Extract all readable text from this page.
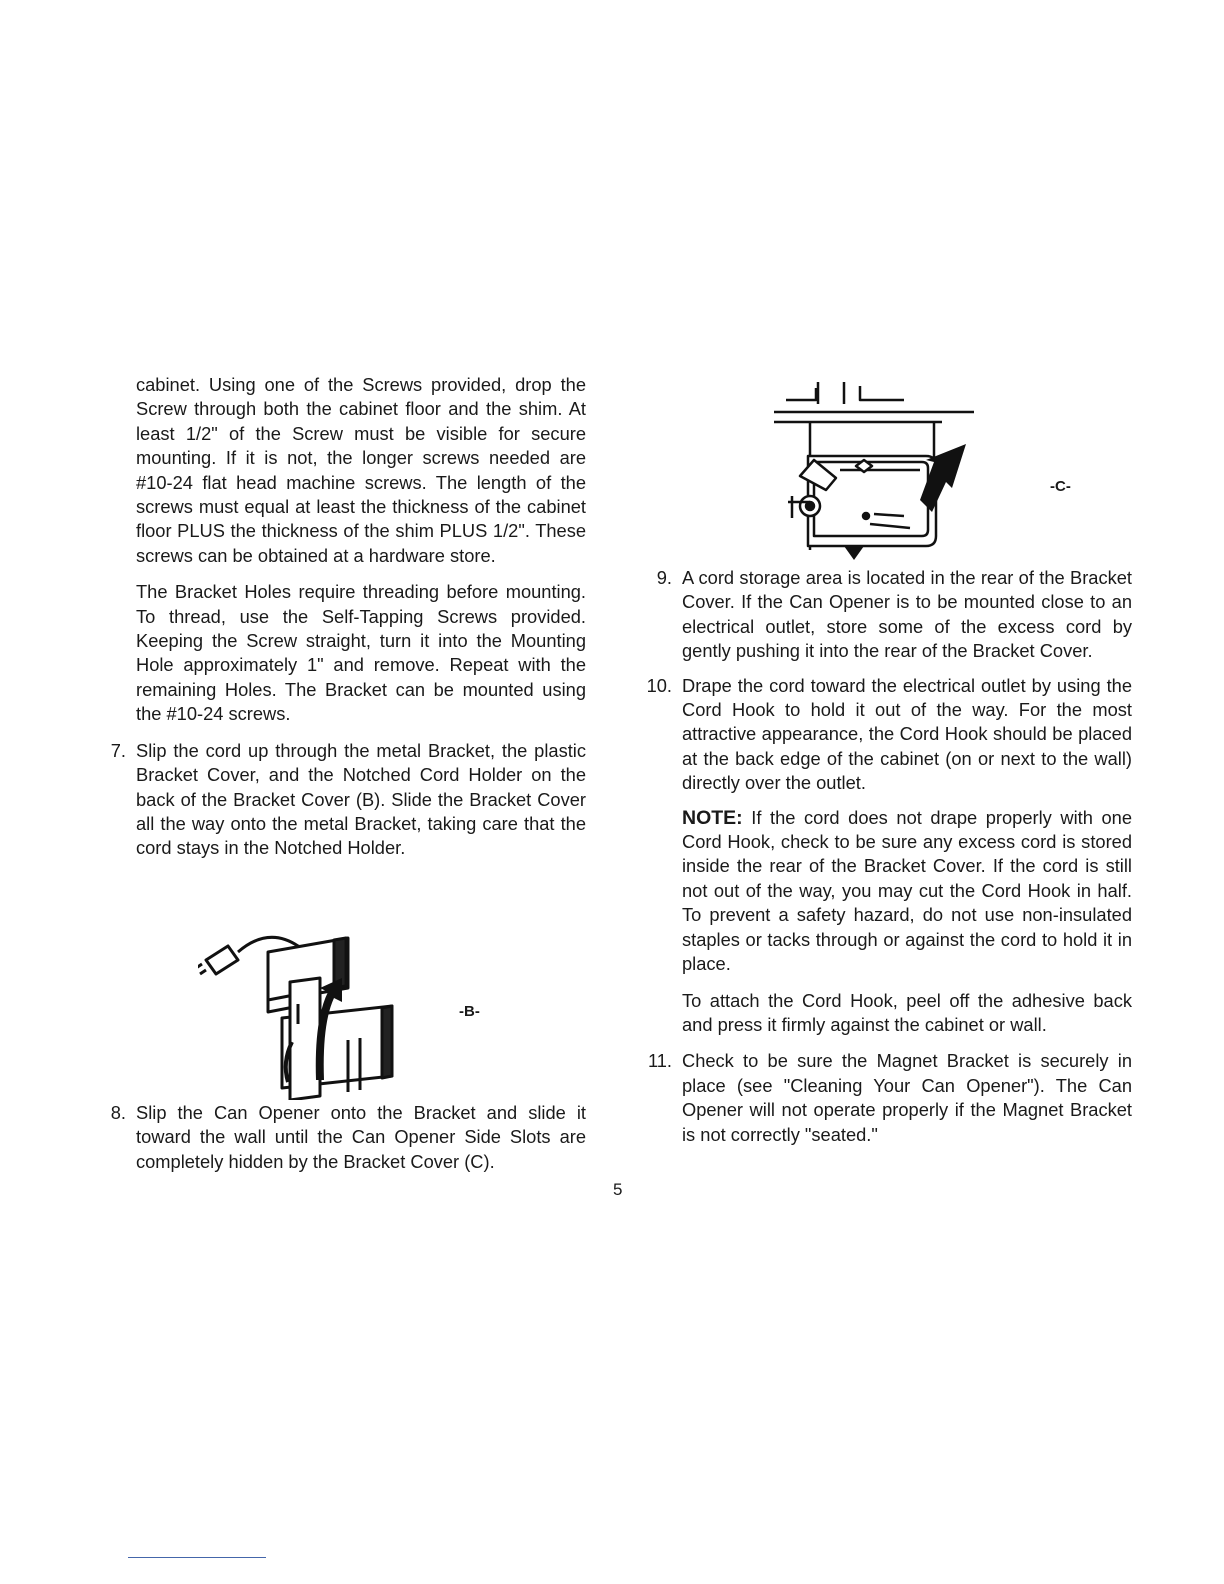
cabinet. Using one of the Screws provided, drop the Screw through both the cabinet floor and the shim. At least 1/2" of the Screw must be visible for secure mounting. If it is not, the longer screws needed are #10-24 flat head machine screws. The length of the screws must equal at least the thickness of the cabinet floor PLUS the thickness of the shim PLUS 1/2". These screws can be obtained at a hardware store.

The Bracket Holes require threading before mounting. To thread, use the Self-Tapping Screws provided. Keeping the Screw straight, turn it into the Mounting Hole approximately 1" and remove. Repeat with the remaining Holes. The Bracket can be mounted using the #10-24 screws.

7. Slip the cord up through the metal Bracket, the plastic Bracket Cover, and the Notched Cord Holder on the back of the Bracket Cover (B). Slide the Bracket Cover all the way onto the metal Bracket, taking care that the cord stays in the Notched Holder.

-B-
8. Slip the Can Opener onto the Bracket and slide it toward the wall until the Can Opener Side Slots are completely hidden by the Bracket Cover (C).

-C-
9. A cord storage area is located in the rear of the Bracket Cover. If the Can Opener is to be mounted close to an electrical outlet, store some of the excess cord by gently pushing it into the rear of the Bracket Cover.

10. Drape the cord toward the electrical outlet by using the Cord Hook to hold it out of the way. For the most attractive appearance, the Cord Hook should be placed at the back edge of the cabinet (on or next to the wall) directly over the outlet.

NOTE: If the cord does not drape properly with one Cord Hook, check to be sure any excess cord is stored inside the rear of the Bracket Cover. If the cord is still not out of the way, you may cut the Cord Hook in half. To prevent a safety hazard, do not use non-insulated staples or tacks through or against the cord to hold it in place.

To attach the Cord Hook, peel off the adhesive back and press it firmly against the cabinet or wall.

11. Check to be sure the Magnet Bracket is securely in place (see "Cleaning Your Can Opener"). The Can Opener will not operate properly if the Magnet Bracket is not correctly "seated."

5
